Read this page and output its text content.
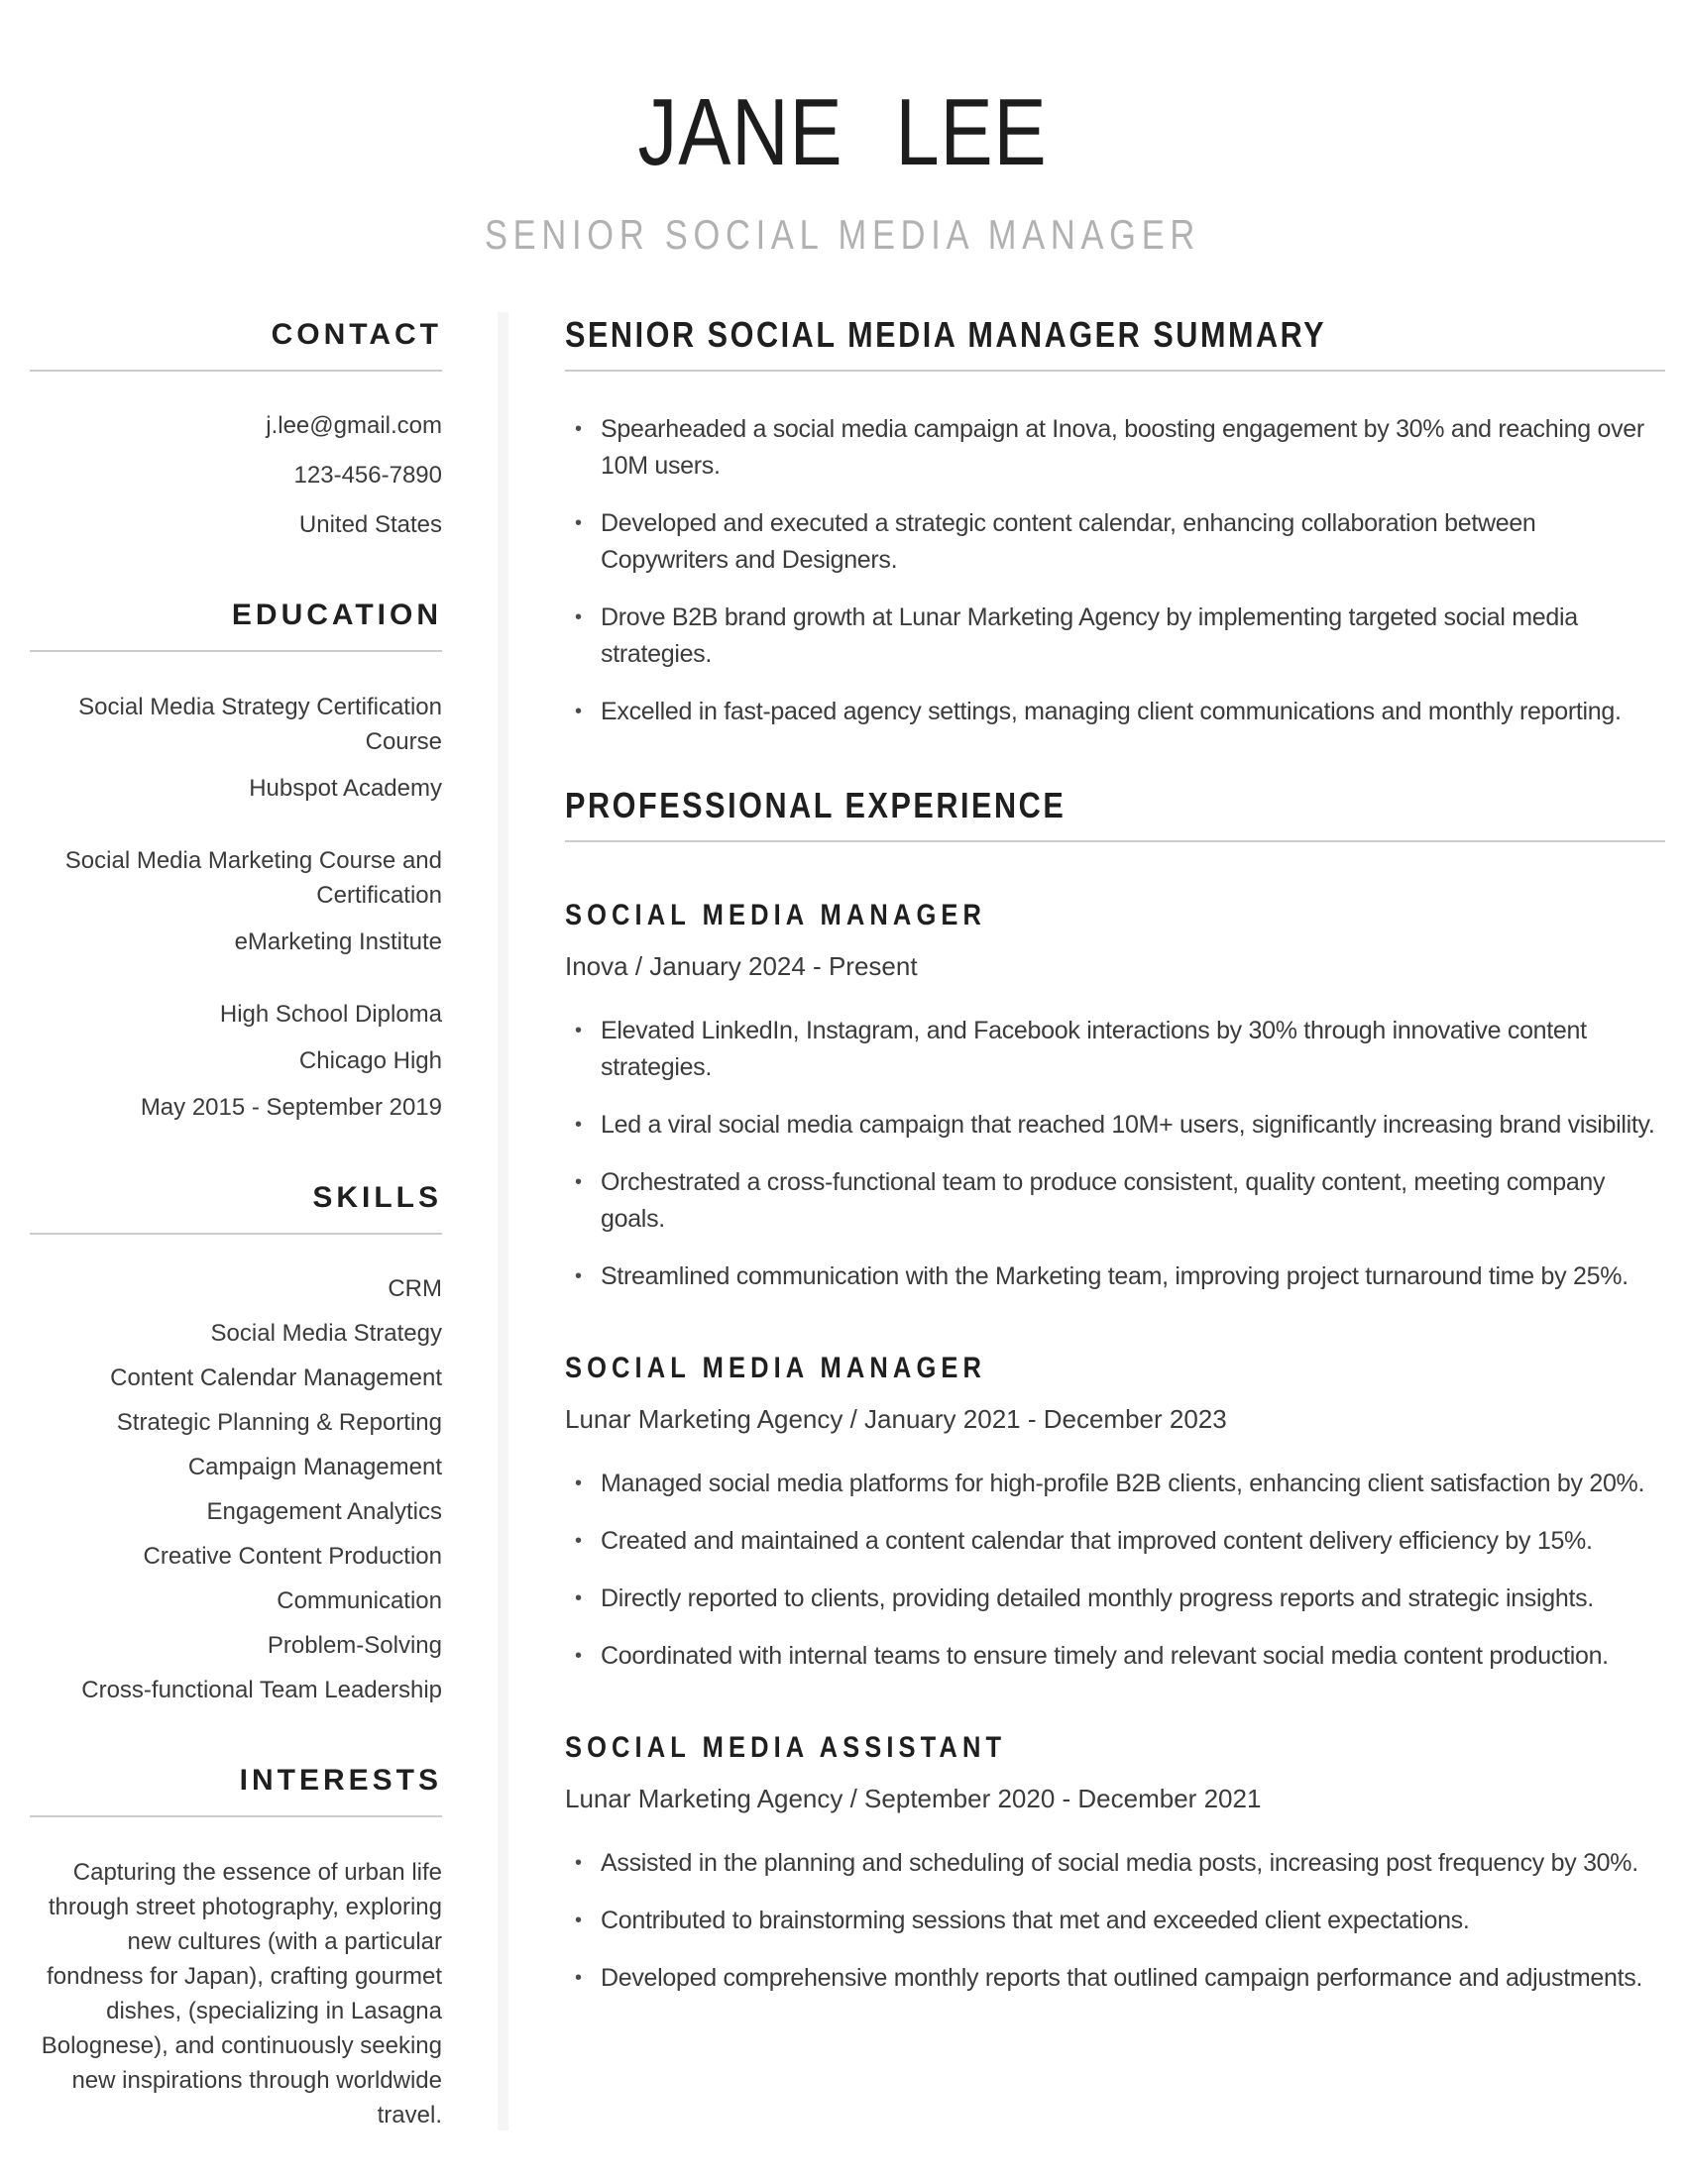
JANE LEE
SENIOR SOCIAL MEDIA MANAGER
CONTACT
j.lee@gmail.com
123-456-7890
United States
EDUCATION
Social Media Strategy Certification Course
Hubspot Academy
Social Media Marketing Course and Certification
eMarketing Institute
High School Diploma
Chicago High
May 2015 - September 2019
SKILLS
CRM
Social Media Strategy
Content Calendar Management
Strategic Planning & Reporting
Campaign Management
Engagement Analytics
Creative Content Production
Communication
Problem-Solving
Cross-functional Team Leadership
INTERESTS

Capturing the essence of urban life through street photography, exploring new cultures (with a particular fondness for Japan), crafting gourmet dishes, (specializing in Lasagna Bolognese), and continuously seeking new inspirations through worldwide travel.

SENIOR SOCIAL MEDIA MANAGER SUMMARY
• Spearheaded a social media campaign at Inova, boosting engagement by 30% and reaching over 10M users.
• Developed and executed a strategic content calendar, enhancing collaboration between Copywriters and Designers.
• Drove B2B brand growth at Lunar Marketing Agency by implementing targeted social media strategies.
• Excelled in fast-paced agency settings, managing client communications and monthly reporting.
PROFESSIONAL EXPERIENCE
SOCIAL MEDIA MANAGER
Inova / January 2024 - Present
• Elevated LinkedIn, Instagram, and Facebook interactions by 30% through innovative content strategies.
• Led a viral social media campaign that reached 10M+ users, significantly increasing brand visibility.
• Orchestrated a cross-functional team to produce consistent, quality content, meeting company goals.
• Streamlined communication with the Marketing team, improving project turnaround time by 25%.
SOCIAL MEDIA MANAGER
Lunar Marketing Agency / January 2021 - December 2023
• Managed social media platforms for high-profile B2B clients, enhancing client satisfaction by 20%.
• Created and maintained a content calendar that improved content delivery efficiency by 15%.
• Directly reported to clients, providing detailed monthly progress reports and strategic insights.
• Coordinated with internal teams to ensure timely and relevant social media content production.
SOCIAL MEDIA ASSISTANT
Lunar Marketing Agency / September 2020 - December 2021
• Assisted in the planning and scheduling of social media posts, increasing post frequency by 30%.
• Contributed to brainstorming sessions that met and exceeded client expectations.
• Developed comprehensive monthly reports that outlined campaign performance and adjustments.
